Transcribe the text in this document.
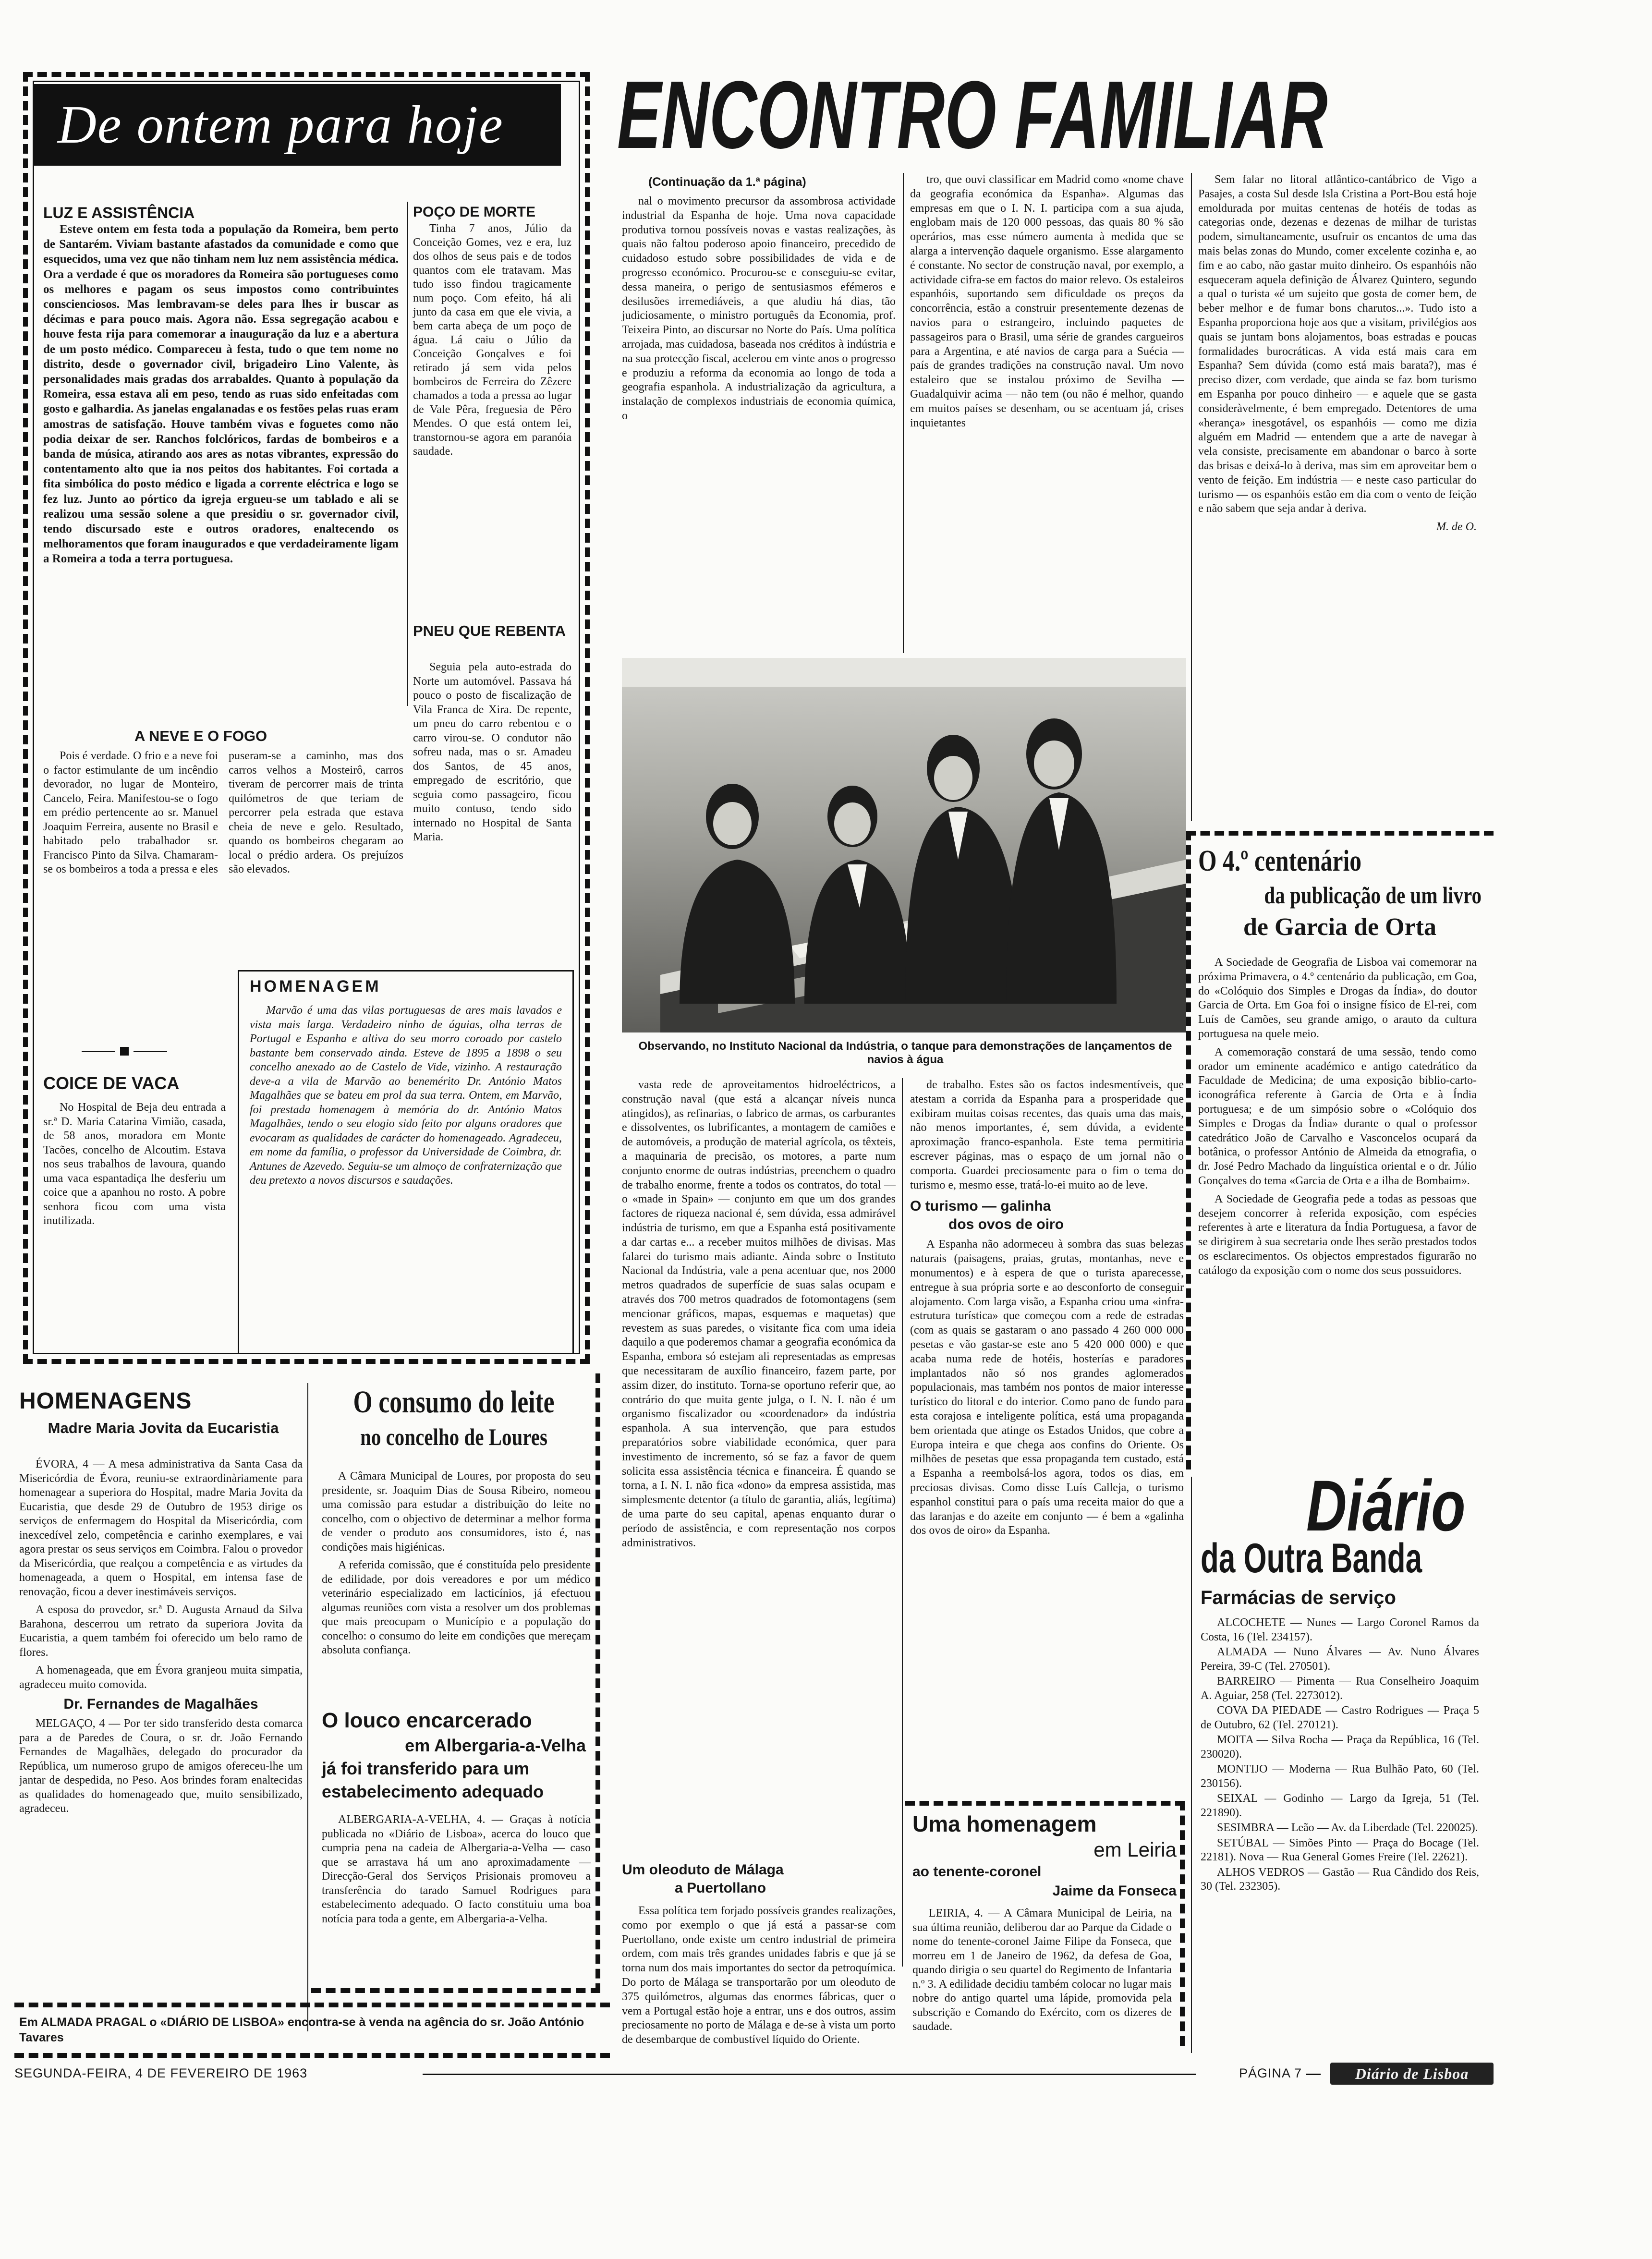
De ontem para hoje
LUZ E ASSISTÊNCIA

Esteve ontem em festa toda a população da Romeira, bem perto de Santarém. Viviam bastante afastados da comunidade e como que esquecidos, uma vez que não tinham nem luz nem assistência médica. Ora a verdade é que os moradores da Romeira são portugueses como os melhores e pagam os seus impostos como contribuintes conscienciosos. Mas lembravam-se deles para lhes ir buscar as décimas e para pouco mais. Agora não. Essa segregação acabou e houve festa rija para comemorar a inauguração da luz e a abertura de um posto médico. Compareceu à festa, tudo o que tem nome no distrito, desde o governador civil, brigadeiro Lino Valente, às personalidades mais gradas dos arrabaldes. Quanto à população da Romeira, essa estava ali em peso, tendo as ruas sido enfeitadas com gosto e galhardia. As janelas engalanadas e os festões pelas ruas eram amostras de satisfação. Houve também vivas e foguetes como não podia deixar de ser. Ranchos folclóricos, fardas de bombeiros e a banda de música, atirando aos ares as notas vibrantes, expressão do contentamento alto que ia nos peitos dos habitantes. Foi cortada a fita simbólica do posto médico e ligada a corrente eléctrica e logo se fez luz. Junto ao pórtico da igreja ergueu-se um tablado e ali se realizou uma sessão solene a que presidiu o sr. governador civil, tendo discursado este e outros oradores, enaltecendo os melhoramentos que foram inaugurados e que verdadeiramente ligam a Romeira a toda a terra portuguesa.

POÇO DE MORTE

Tinha 7 anos, Júlio da Conceição Gomes, vez e era, luz dos olhos de seus pais e de todos quantos com ele tratavam. Mas tudo isso findou tragicamente num poço. Com efeito, há ali junto da casa em que ele vivia, a bem carta abeça de um poço de água. Lá caiu o Júlio da Conceição Gonçalves e foi retirado já sem vida pelos bombeiros de Ferreira do Zêzere chamados a toda a pressa ao lugar de Vale Pêra, freguesia de Pêro Mendes. O que está ontem lei, transtornou-se agora em paranóia saudade.

PNEU QUE REBENTA

Seguia pela auto-estrada do Norte um automóvel. Passava há pouco o posto de fiscalização de Vila Franca de Xira. De repente, um pneu do carro rebentou e o carro virou-se. O condutor não sofreu nada, mas o sr. Amadeu dos Santos, de 45 anos, empregado de escritório, que seguia como passageiro, ficou muito contuso, tendo sido internado no Hospital de Santa Maria.

A NEVE E O FOGO

Pois é verdade. O frio e a neve foi o factor estimulante de um incêndio devorador, no lugar de Monteiro, Cancelo, Feira. Manifestou-se o fogo em prédio pertencente ao sr. Manuel Joaquim Ferreira, ausente no Brasil e habitado pelo trabalhador sr. Francisco Pinto da Silva. Chamaram-se os bombeiros a toda a pressa e eles puseram-se a caminho, mas dos carros velhos a Mosteirô, carros tiveram de percorrer mais de trinta quilómetros de que teriam de percorrer pela estrada que estava cheia de neve e gelo. Resultado, quando os bombeiros chegaram ao local o prédio ardera. Os prejuízos são elevados.

COICE DE VACA

No Hospital de Beja deu entrada a sr.ª D. Maria Catarina Vimião, casada, de 58 anos, moradora em Monte Tacões, concelho de Alcoutim. Estava nos seus trabalhos de lavoura, quando uma vaca espantadiça lhe desferiu um coice que a apanhou no rosto. A pobre senhora ficou com uma vista inutilizada.

HOMENAGEM

Marvão é uma das vilas portuguesas de ares mais lavados e vista mais larga. Verdadeiro ninho de águias, olha terras de Portugal e Espanha e altiva do seu morro coroado por castelo bastante bem conservado ainda. Esteve de 1895 a 1898 o seu concelho anexado ao de Castelo de Vide, vizinho. A restauração deve-a a vila de Marvão ao benemérito Dr. António Matos Magalhães que se bateu em prol da sua terra. Ontem, em Marvão, foi prestada homenagem à memória do dr. António Matos Magalhães, tendo o seu elogio sido feito por alguns oradores que evocaram as qualidades de carácter do homenageado. Agradeceu, em nome da família, o professor da Universidade de Coimbra, dr. Antunes de Azevedo. Seguiu-se um almoço de confraternização que deu pretexto a novos discursos e saudações.

HOMENAGENS
Madre Maria Jovita da Eucaristia

ÉVORA, 4 — A mesa administrativa da Santa Casa da Misericórdia de Évora, reuniu-se extraordinàriamente para homenagear a superiora do Hospital, madre Maria Jovita da Eucaristia, que desde 29 de Outubro de 1953 dirige os serviços de enfermagem do Hospital da Misericórdia, com inexcedível zelo, competência e carinho exemplares, e vai agora prestar os seus serviços em Coimbra. Falou o provedor da Misericórdia, que realçou a competência e as virtudes da homenageada, a quem o Hospital, em intensa fase de renovação, ficou a dever inestimáveis serviços.

A esposa do provedor, sr.ª D. Augusta Arnaud da Silva Barahona, descerrou um retrato da superiora Jovita da Eucaristia, a quem também foi oferecido um belo ramo de flores.

A homenageada, que em Évora granjeou muita simpatia, agradeceu muito comovida.

Dr. Fernandes de Magalhães

MELGAÇO, 4 — Por ter sido transferido desta comarca para a de Paredes de Coura, o sr. dr. João Fernando Fernandes de Magalhães, delegado do procurador da República, um numeroso grupo de amigos ofereceu-lhe um jantar de despedida, no Peso. Aos brindes foram enaltecidas as qualidades do homenageado que, muito sensibilizado, agradeceu.

O consumo do leite
no concelho de Loures

A Câmara Municipal de Loures, por proposta do seu presidente, sr. Joaquim Dias de Sousa Ribeiro, nomeou uma comissão para estudar a distribuição do leite no concelho, com o objectivo de determinar a melhor forma de vender o produto aos consumidores, isto é, nas condições mais higiénicas.

A referida comissão, que é constituída pelo presidente de edilidade, por dois vereadores e por um médico veterinário especializado em lacticínios, já efectuou algumas reuniões com vista a resolver um dos problemas que mais preocupam o Município e a população do concelho: o consumo do leite em condições que mereçam absoluta confiança.

O louco encarcerado
em Albergaria-a-Velha
já foi transferido para um
estabelecimento adequado

ALBERGARIA-A-VELHA, 4. — Graças à notícia publicada no «Diário de Lisboa», acerca do louco que cumpria pena na cadeia de Albergaria-a-Velha — caso que se arrastava há um ano aproximadamente — Direcção-Geral dos Serviços Prisionais promoveu a transferência do tarado Samuel Rodrigues para estabelecimento adequado. O facto constituiu uma boa notícia para toda a gente, em Albergaria-a-Velha.

Em ALMADA PRAGAL o «DIÁRIO DE LISBOA» encontra-se à venda na agência do sr. João António Tavares
ENCONTRO FAMILIAR
(Continuação da 1.ª página)

nal o movimento precursor da assombrosa actividade industrial da Espanha de hoje. Uma nova capacidade produtiva tornou possíveis novas e vastas realizações, às quais não faltou poderoso apoio financeiro, precedido de cuidadoso estudo sobre possibilidades de vida e de progresso económico. Procurou-se e conseguiu-se evitar, dessa maneira, o perigo de sentusiasmos efémeros e desilusões irremediáveis, a que aludiu há dias, tão judiciosamente, o ministro português da Economia, prof. Teixeira Pinto, ao discursar no Norte do País. Uma política arrojada, mas cuidadosa, baseada nos créditos à indústria e na sua protecção fiscal, acelerou em vinte anos o progresso e produziu a reforma da economia ao longo de toda a geografia espanhola. A industrialização da agricultura, a instalação de complexos industriais de economia química, o

tro, que ouvi classificar em Madrid como «nome chave da geografia económica da Espanha». Algumas das empresas em que o I. N. I. participa com a sua ajuda, englobam mais de 120 000 pessoas, das quais 80 % são operários, mas esse número aumenta à medida que se alarga a intervenção daquele organismo. Esse alargamento é constante. No sector de construção naval, por exemplo, a actividade cifra-se em factos do maior relevo. Os estaleiros espanhóis, suportando sem dificuldade os preços da concorrência, estão a construir presentemente dezenas de navios para o estrangeiro, incluindo paquetes de passageiros para o Brasil, uma série de grandes cargueiros para a Argentina, e até navios de carga para a Suécia — país de grandes tradições na construção naval. Um novo estaleiro que se instalou próximo de Sevilha — Guadalquivir acima — não tem (ou não é melhor, quando em muitos países se desenham, ou se acentuam já, crises inquietantes

Sem falar no litoral atlântico-cantábrico de Vigo a Pasajes, a costa Sul desde Isla Cristina a Port-Bou está hoje emoldurada por muitas centenas de hotéis de todas as categorias onde, dezenas e dezenas de milhar de turistas podem, simultaneamente, usufruir os encantos de uma das mais belas zonas do Mundo, comer excelente cozinha e, ao fim e ao cabo, não gastar muito dinheiro. Os espanhóis não esqueceram aquela definição de Álvarez Quintero, segundo a qual o turista «é um sujeito que gosta de comer bem, de beber melhor e de fumar bons charutos...». Tudo isto a Espanha proporciona hoje aos que a visitam, privilégios aos quais se juntam bons alojamentos, boas estradas e poucas formalidades burocráticas. A vida está mais cara em Espanha? Sem dúvida (como está mais barata?), mas é preciso dizer, com verdade, que ainda se faz bom turismo em Espanha por pouco dinheiro — e aquele que se gasta consideràvelmente, é bem empregado. Detentores de uma «herança» inesgotável, os espanhóis — como me dizia alguém em Madrid — entendem que a arte de navegar à vela consiste, precisamente em abandonar o barco à sorte das brisas e deixá-lo à deriva, mas sim em aproveitar bem o vento de feição. Em indústria — e neste caso particular do turismo — os espanhóis estão em dia com o vento de feição e não sabem que seja andar à deriva.

M. de O.
Observando, no Instituto Nacional da Indústria, o tanque para demonstrações de lançamentos de navios à água

vasta rede de aproveitamentos hidroeléctricos, a construção naval (que está a alcançar níveis nunca atingidos), as refinarias, o fabrico de armas, os carburantes e dissolventes, os lubrificantes, a montagem de camiões e de automóveis, a produção de material agrícola, os têxteis, a maquinaria de precisão, os motores, a parte num conjunto enorme de outras indústrias, preenchem o quadro de trabalho enorme, frente a todos os contratos, do total — o «made in Spain» — conjunto em que um dos grandes factores de riqueza nacional é, sem dúvida, essa admirável indústria de turismo, em que a Espanha está positivamente a dar cartas e... a receber muitos milhões de divisas. Mas falarei do turismo mais adiante. Ainda sobre o Instituto Nacional da Indústria, vale a pena acentuar que, nos 2000 metros quadrados de superfície de suas salas ocupam e através dos 700 metros quadrados de fotomontagens (sem mencionar gráficos, mapas, esquemas e maquetas) que revestem as suas paredes, o visitante fica com uma ideia daquilo a que poderemos chamar a geografia económica da Espanha, embora só estejam ali representadas as empresas que necessitaram de auxílio financeiro, fazem parte, por assim dizer, do instituto. Torna-se oportuno referir que, ao contrário do que muita gente julga, o I. N. I. não é um organismo fiscalizador ou «coordenador» da indústria espanhola. A sua intervenção, que para estudos preparatórios sobre viabilidade económica, quer para investimento de incremento, só se faz a favor de quem solicita essa assistência técnica e financeira. É quando se torna, a I. N. I. não fica «dono» da empresa assistida, mas simplesmente detentor (a título de garantia, aliás, legítima) de uma parte do seu capital, apenas enquanto durar o período de assistência, e com representação nos corpos administrativos.

de trabalho. Estes são os factos indesmentíveis, que atestam a corrida da Espanha para a prosperidade que exibiram muitas coisas recentes, das quais uma das mais, não menos importantes, é, sem dúvida, a evidente aproximação franco-espanhola. Este tema permitiria escrever páginas, mas o espaço de um jornal não o comporta. Guardei preciosamente para o fim o tema do turismo e, mesmo esse, tratá-lo-ei muito ao de leve.

O turismo — galinha
dos ovos de oiro

A Espanha não adormeceu à sombra das suas belezas naturais (paisagens, praias, grutas, montanhas, neve e monumentos) e à espera de que o turista aparecesse, entregue à sua própria sorte e ao desconforto de conseguir alojamento. Com larga visão, a Espanha criou uma «infra-estrutura turística» que começou com a rede de estradas (com as quais se gastaram o ano passado 4 260 000 000 pesetas e vão gastar-se este ano 5 420 000 000) e que acaba numa rede de hotéis, hosterías e paradores implantados não só nos grandes aglomerados populacionais, mas também nos pontos de maior interesse turístico do litoral e do interior. Como pano de fundo para esta corajosa e inteligente política, está uma propaganda bem orientada que atinge os Estados Unidos, que cobre a Europa inteira e que chega aos confins do Oriente. Os milhões de pesetas que essa propaganda tem custado, está a Espanha a reembolsá-los agora, todos os dias, em preciosas divisas. Como disse Luís Calleja, o turismo espanhol constitui para o país uma receita maior do que a das laranjas e do azeite em conjunto — é bem a «galinha dos ovos de oiro» da Espanha.

Um oleoduto de Málaga
a Puertollano

Essa política tem forjado possíveis grandes realizações, como por exemplo o que já está a passar-se com Puertollano, onde existe um centro industrial de primeira ordem, com mais três grandes unidades fabris e que já se torna num dos mais importantes do sector da petroquímica. Do porto de Málaga se transportarão por um oleoduto de 375 quilómetros, algumas das enormes fábricas, quer o vem a Portugal estão hoje a entrar, uns e dos outros, assim preciosamente no porto de Málaga e de-se à vista um porto de desembarque de combustível líquido do Oriente.

Uma homenagem
em Leiria
ao tenente-coronel
Jaime da Fonseca

LEIRIA, 4. — A Câmara Municipal de Leiria, na sua última reunião, deliberou dar ao Parque da Cidade o nome do tenente-coronel Jaime Filipe da Fonseca, que morreu em 1 de Janeiro de 1962, da defesa de Goa, quando dirigia o seu quartel do Regimento de Infantaria n.º 3. A edilidade decidiu também colocar no lugar mais nobre do antigo quartel uma lápide, promovida pela subscrição e Comando do Exército, com os dizeres de saudade.

O 4.º centenário
da publicação de um livro
de Garcia de Orta

A Sociedade de Geografia de Lisboa vai comemorar na próxima Primavera, o 4.º centenário da publicação, em Goa, do «Colóquio dos Simples e Drogas da Índia», do doutor Garcia de Orta. Em Goa foi o insigne físico de El-rei, com Luís de Camões, seu grande amigo, o arauto da cultura portuguesa na quele meio.

A comemoração constará de uma sessão, tendo como orador um eminente académico e antigo catedrático da Faculdade de Medicina; de uma exposição biblio-carto-iconográfica referente à Garcia de Orta e à Índia portuguesa; e de um simpósio sobre o «Colóquio dos Simples e Drogas da Índia» durante o qual o professor catedrático João de Carvalho e Vasconcelos ocupará da botânica, o professor António de Almeida da etnografia, o dr. José Pedro Machado da linguística oriental e o dr. Júlio Gonçalves do tema «Garcia de Orta e a ilha de Bombaim».

A Sociedade de Geografia pede a todas as pessoas que desejem concorrer à referida exposição, com espécies referentes à arte e literatura da Índia Portuguesa, a favor de se dirigirem à sua secretaria onde lhes serão prestados todos os esclarecimentos. Os objectos emprestados figurarão no catálogo da exposição com o nome dos seus possuidores.

Diário
da Outra Banda
Farmácias de serviço

ALCOCHETE — Nunes — Largo Coronel Ramos da Costa, 16 (Tel. 234157).

ALMADA — Nuno Álvares — Av. Nuno Álvares Pereira, 39-C (Tel. 270501).

BARREIRO — Pimenta — Rua Conselheiro Joaquim A. Aguiar, 258 (Tel. 2273012).

COVA DA PIEDADE — Castro Rodrigues — Praça 5 de Outubro, 62 (Tel. 270121).

MOITA — Silva Rocha — Praça da República, 16 (Tel. 230020).

MONTIJO — Moderna — Rua Bulhão Pato, 60 (Tel. 230156).

SEIXAL — Godinho — Largo da Igreja, 51 (Tel. 221890).

SESIMBRA — Leão — Av. da Liberdade (Tel. 220025).

SETÚBAL — Simões Pinto — Praça do Bocage (Tel. 22181). Nova — Rua General Gomes Freire (Tel. 22621).

ALHOS VEDROS — Gastão — Rua Cândido dos Reis, 30 (Tel. 232305).

SEGUNDA-FEIRA, 4 DE FEVEREIRO DE 1963	PÁGINA 7	Diário de Lisboa
